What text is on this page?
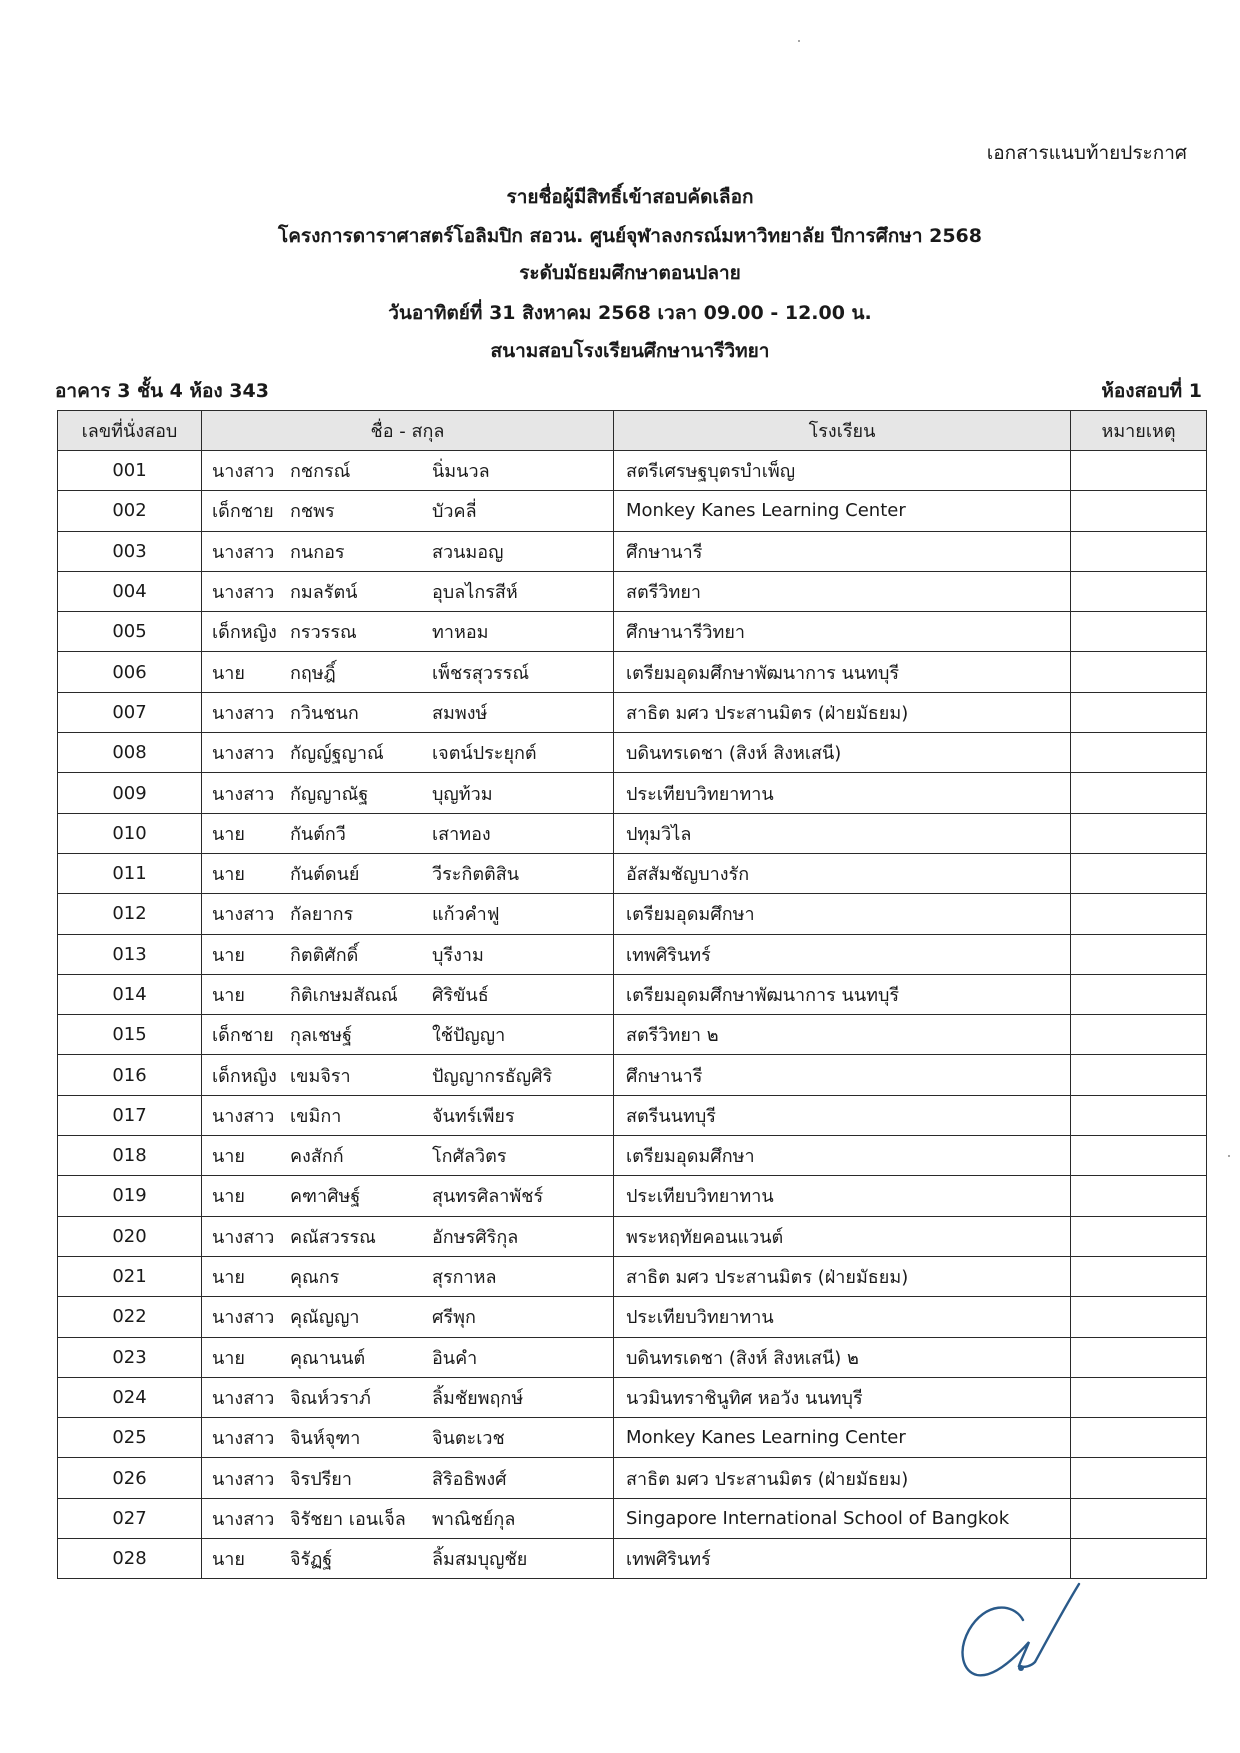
เอกสารแนบท้ายประกาศ
รายชื่อผู้มีสิทธิ์เข้าสอบคัดเลือก
โครงการดาราศาสตร์โอลิมปิก สอวน. ศูนย์จุฬาลงกรณ์มหาวิทยาลัย ปีการศึกษา 2568
ระดับมัธยมศึกษาตอนปลาย
วันอาทิตย์ที่ 31 สิงหาคม 2568 เวลา 09.00 - 12.00 น.
สนามสอบโรงเรียนศึกษานารีวิทยา
อาคาร 3 ชั้น 4 ห้อง 343	ห้องสอบที่ 1
เลขที่นั่งสอบ	ชื่อ - สกุล	โรงเรียน	หมายเหตุ
001	นางสาว กชกรณ์ นิ่มนวล	สตรีเศรษฐบุตรบำเพ็ญ	
002	เด็กชาย กชพร บัวคลี่	Monkey Kanes Learning Center	
003	นางสาว กนกอร สวนมอญ	ศึกษานารี	
004	นางสาว กมลรัตน์ อุบลไกรสีห์	สตรีวิทยา	
005	เด็กหญิง กรวรรณ ทาหอม	ศึกษานารีวิทยา	
006	นาย กฤษฎิ์ เพ็ชรสุวรรณ์	เตรียมอุดมศึกษาพัฒนาการ นนทบุรี	
007	นางสาว กวินชนก สมพงษ์	สาธิต มศว ประสานมิตร (ฝ่ายมัธยม)	
008	นางสาว กัญญ์ฐญาณ์ เจตน์ประยุกต์	บดินทรเดชา (สิงห์ สิงหเสนี)	
009	นางสาว กัญญาณัฐ บุญท้วม	ประเทียบวิทยาทาน	
010	นาย กันต์กวี เสาทอง	ปทุมวิไล	
011	นาย กันต์ดนย์ วีระกิตติสิน	อัสสัมชัญบางรัก	
012	นางสาว กัลยากร แก้วคำฟู	เตรียมอุดมศึกษา	
013	นาย กิตติศักดิ์ บุรีงาม	เทพศิรินทร์	
014	นาย กิติเกษมสัณณ์ ศิริขันธ์	เตรียมอุดมศึกษาพัฒนาการ นนทบุรี	
015	เด็กชาย กุลเชษฐ์ ใช้ปัญญา	สตรีวิทยา ๒	
016	เด็กหญิง เขมจิรา ปัญญากรธัญศิริ	ศึกษานารี	
017	นางสาว เขมิกา จันทร์เพียร	สตรีนนทบุรี	
018	นาย คงสักก์ โกศัลวิตร	เตรียมอุดมศึกษา	
019	นาย คฑาศิษฐ์ สุนทรศิลาพัชร์	ประเทียบวิทยาทาน	
020	นางสาว คณัสวรรณ อักษรศิริกุล	พระหฤทัยคอนแวนต์	
021	นาย คุณกร สุรกาหล	สาธิต มศว ประสานมิตร (ฝ่ายมัธยม)	
022	นางสาว คุณัญญา ศรีพุก	ประเทียบวิทยาทาน	
023	นาย คุณานนต์ อินคำ	บดินทรเดชา (สิงห์ สิงหเสนี) ๒	
024	นางสาว จิณห์วราภ์ ลิ้มชัยพฤกษ์	นวมินทราชินูทิศ หอวัง นนทบุรี	
025	นางสาว จินห์จุฑา จินตะเวช	Monkey Kanes Learning Center	
026	นางสาว จิรปรียา สิริอธิพงศ์	สาธิต มศว ประสานมิตร (ฝ่ายมัธยม)	
027	นางสาว จิรัชยา เอนเจ็ล พาณิชย์กุล	Singapore International School of Bangkok	
028	นาย จิรัฏฐ์ ลิ้มสมบุญชัย	เทพศิรินทร์	
